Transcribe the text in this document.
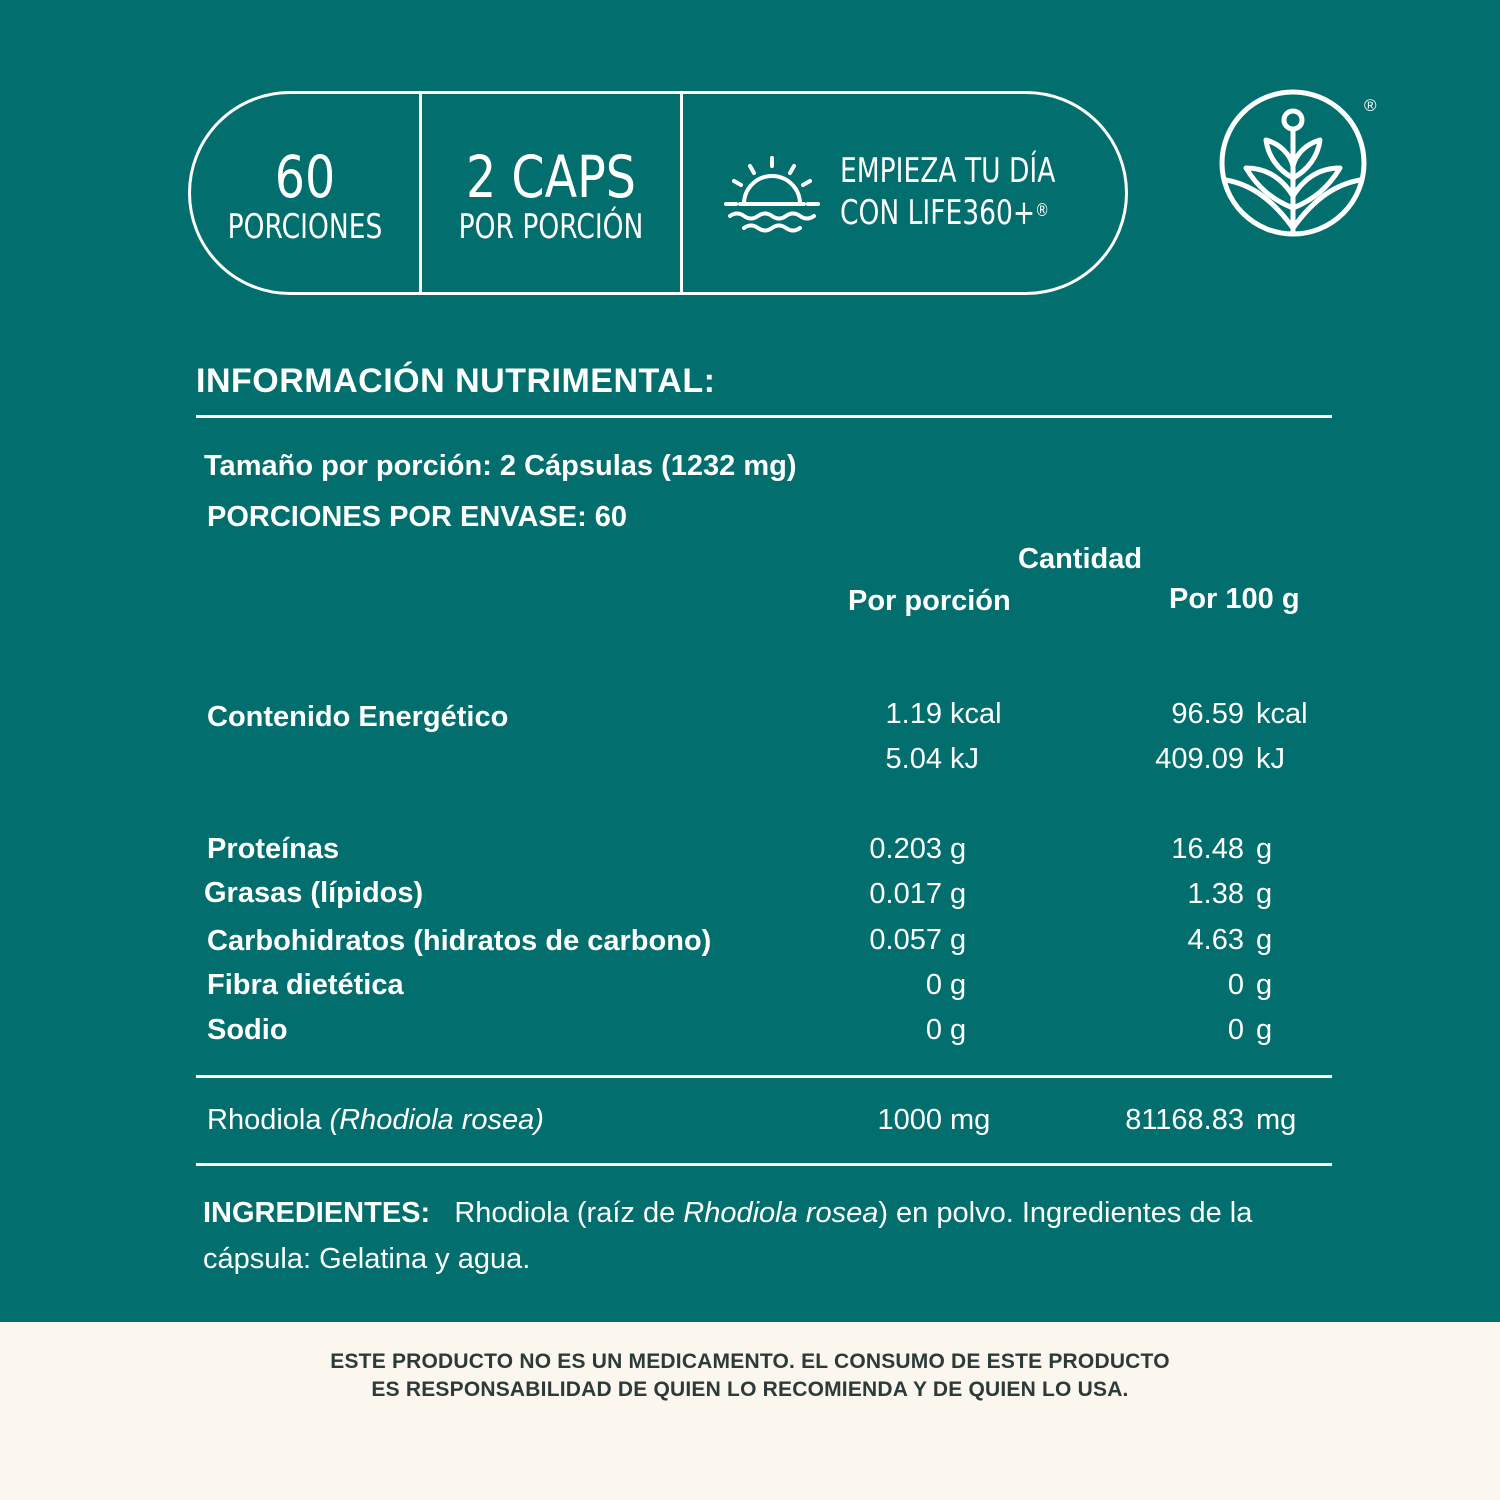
60
PORCIONES
2 CAPS
POR PORCIÓN
EMPIEZA TU DÍA
CON LIFE360+®
®
INFORMACIÓN NUTRIMENTAL:
Tamaño por porción: 2 Cápsulas (1232 mg)
PORCIONES POR ENVASE: 60
Cantidad
Por porción	Por 100 g
Contenido Energético	1.19 kcal	96.59 kcal
5.04 kJ	409.09 kJ
Proteínas	0.203 g	16.48 g
Grasas (lípidos)	0.017 g	1.38 g
Carbohidratos (hidratos de carbono)	0.057 g	4.63 g
Fibra dietética	0 g	0 g
Sodio	0 g	0 g
Rhodiola (Rhodiola rosea)	1000 mg	81168.83 mg
INGREDIENTES: Rhodiola (raíz de Rhodiola rosea) en polvo. Ingredientes de la cápsula: Gelatina y agua.
ESTE PRODUCTO NO ES UN MEDICAMENTO. EL CONSUMO DE ESTE PRODUCTO
ES RESPONSABILIDAD DE QUIEN LO RECOMIENDA Y DE QUIEN LO USA.
